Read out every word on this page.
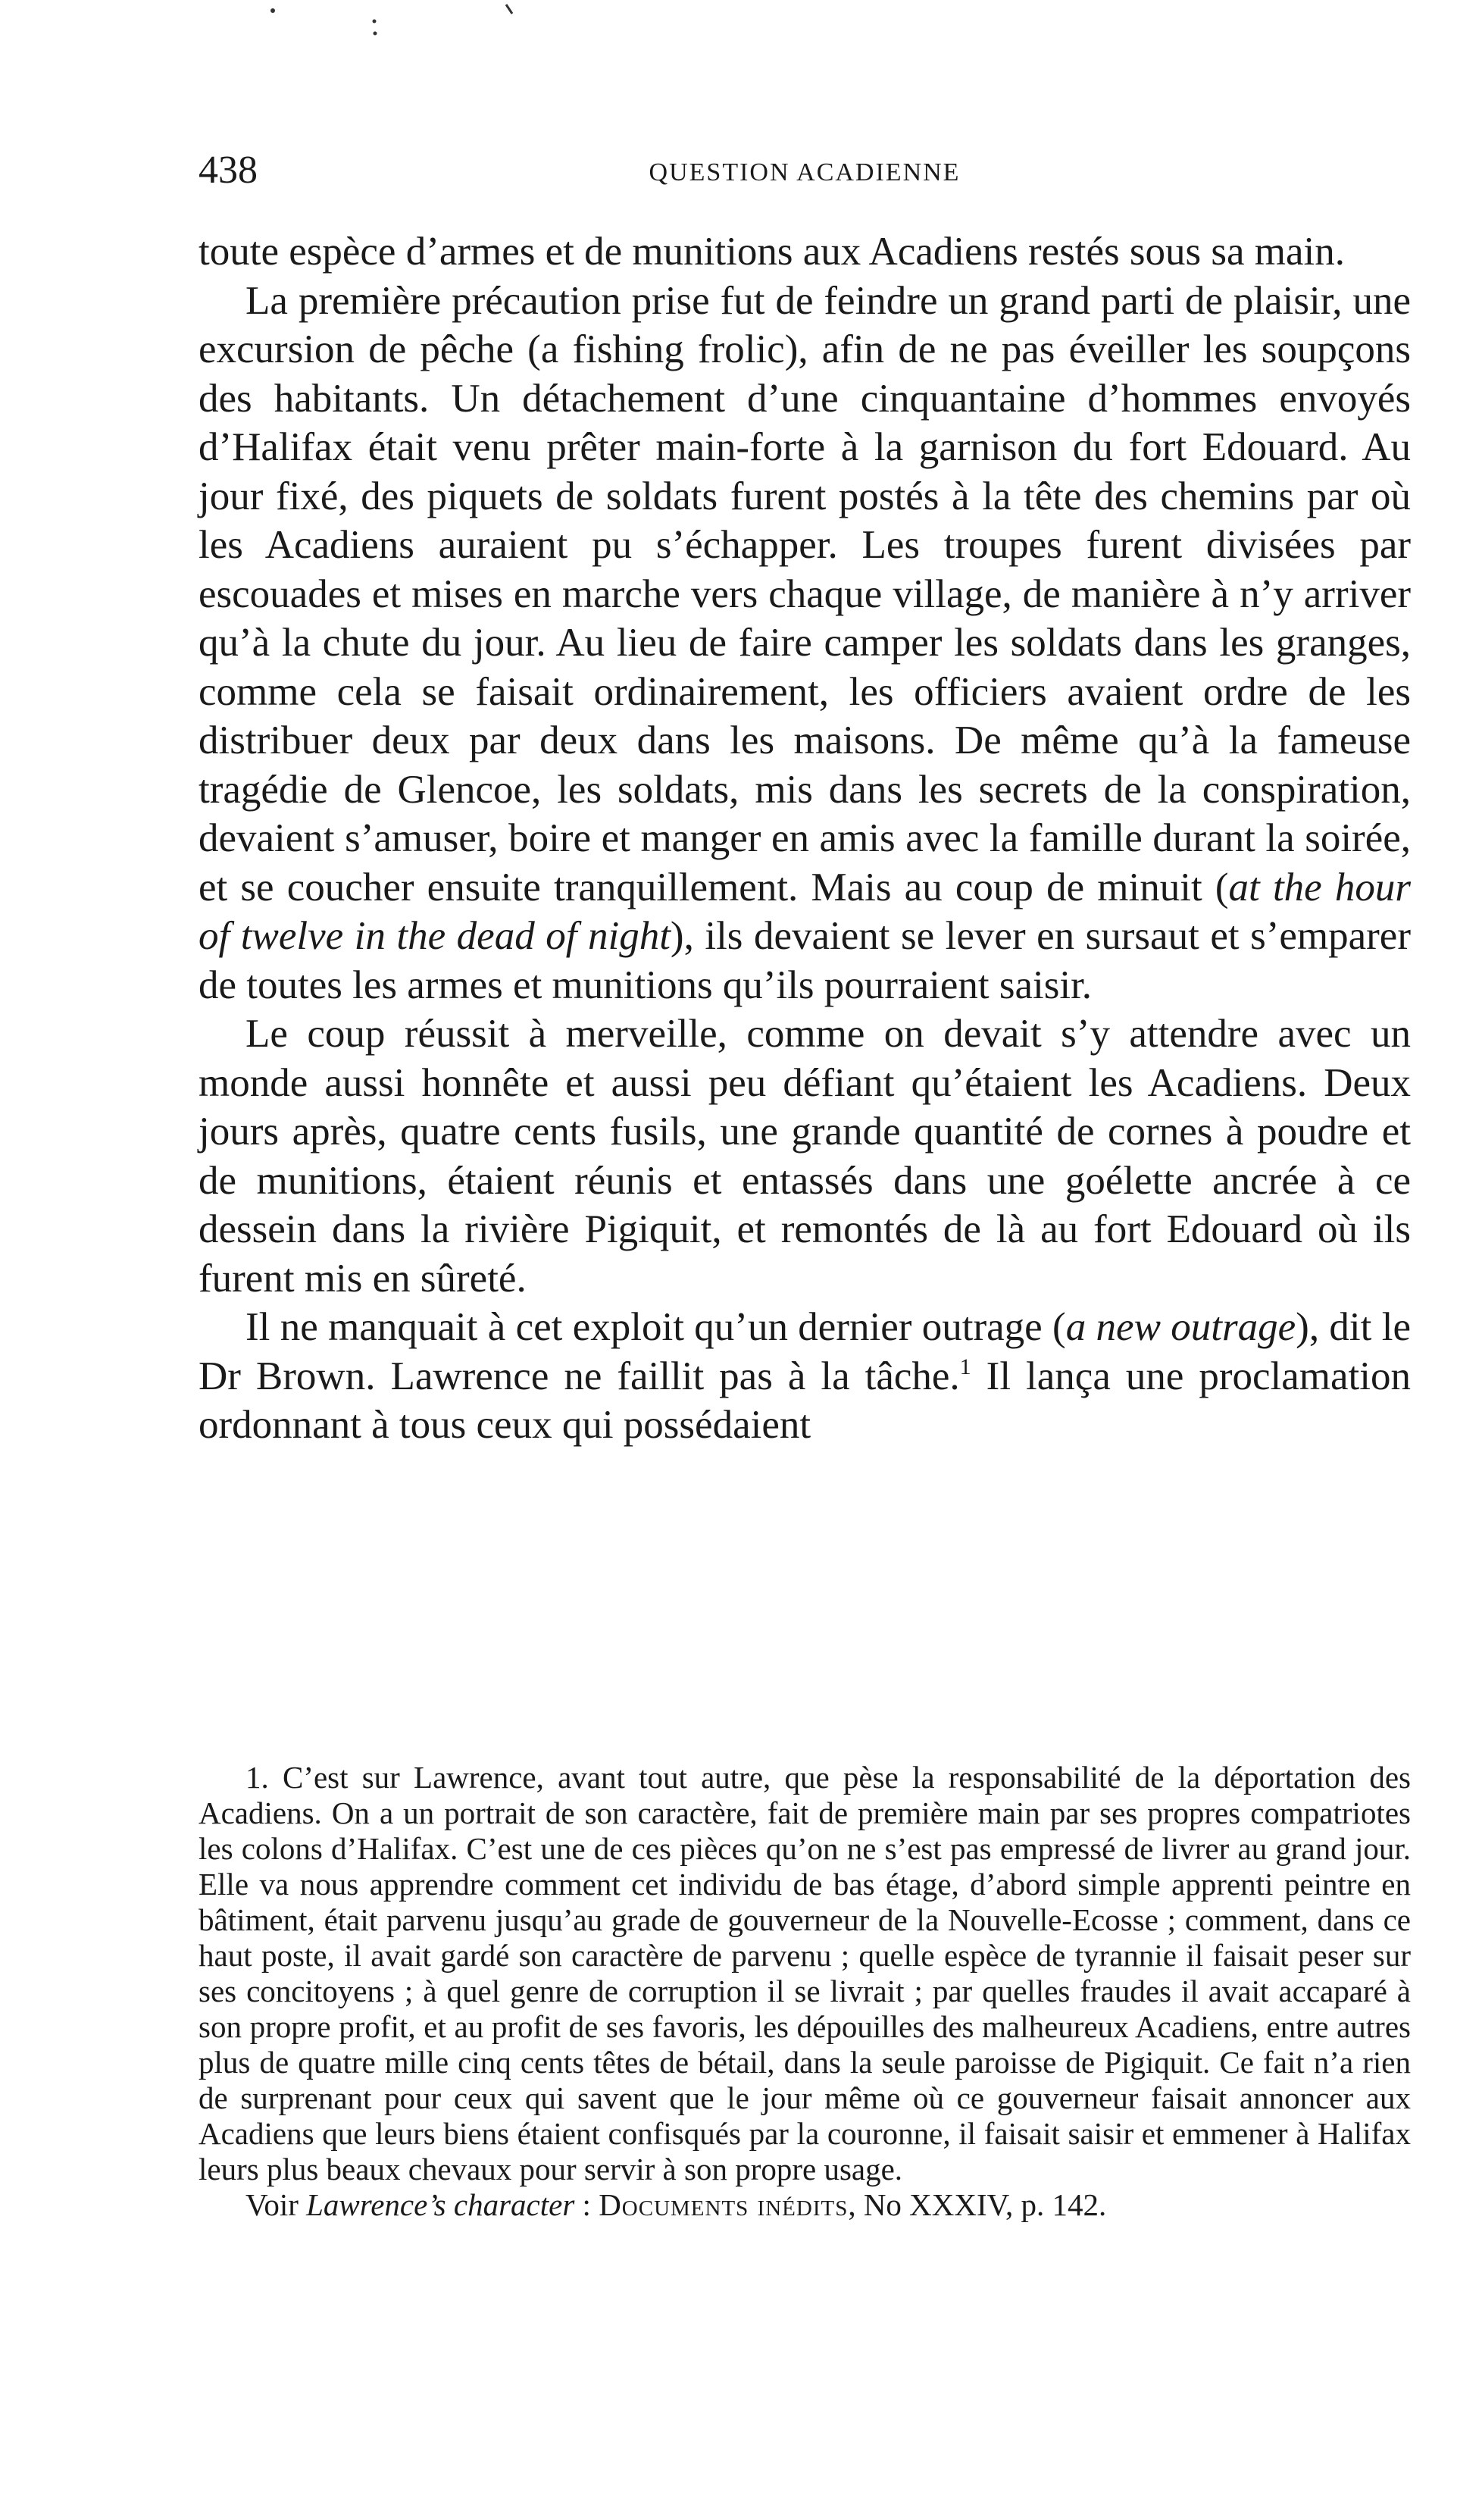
438	QUESTION ACADIENNE

toute espèce d’armes et de munitions aux Acadiens restés sous sa main.

La première précaution prise fut de feindre un grand parti de plaisir, une excursion de pêche (a fishing frolic), afin de ne pas éveiller les soupçons des habitants. Un détachement d’une cinquantaine d’hommes envoyés d’Halifax était venu prêter main-forte à la garnison du fort Edouard. Au jour fixé, des piquets de soldats furent postés à la tête des chemins par où les Acadiens auraient pu s’échapper. Les troupes furent divisées par escouades et mises en marche vers chaque village, de manière à n’y arriver qu’à la chute du jour. Au lieu de faire camper les soldats dans les granges, comme cela se faisait ordinairement, les officiers avaient ordre de les distribuer deux par deux dans les maisons. De même qu’à la fameuse tragédie de Glencoe, les soldats, mis dans les secrets de la conspiration, devaient s’amuser, boire et manger en amis avec la famille durant la soirée, et se coucher ensuite tranquillement. Mais au coup de minuit (at the hour of twelve in the dead of night), ils devaient se lever en sursaut et s’emparer de toutes les armes et munitions qu’ils pourraient saisir.

Le coup réussit à merveille, comme on devait s’y attendre avec un monde aussi honnête et aussi peu défiant qu’étaient les Acadiens. Deux jours après, quatre cents fusils, une grande quantité de cornes à poudre et de munitions, étaient réunis et entassés dans une goélette ancrée à ce dessein dans la rivière Pigiquit, et remontés de là au fort Edouard où ils furent mis en sûreté.

Il ne manquait à cet exploit qu’un dernier outrage (a new outrage), dit le Dr Brown. Lawrence ne faillit pas à la tâche.$^1$ Il lança une proclamation ordonnant à tous ceux qui possédaient

1. C’est sur Lawrence, avant tout autre, que pèse la responsabilité de la déportation des Acadiens. On a un portrait de son caractère, fait de première main par ses propres compatriotes les colons d’Halifax. C’est une de ces pièces qu’on ne s’est pas empressé de livrer au grand jour. Elle va nous apprendre comment cet individu de bas étage, d’abord simple apprenti peintre en bâtiment, était parvenu jusqu’au grade de gouverneur de la Nouvelle-Ecosse ; comment, dans ce haut poste, il avait gardé son caractère de parvenu ; quelle espèce de tyrannie il faisait peser sur ses concitoyens ; à quel genre de corruption il se livrait ; par quelles fraudes il avait accaparé à son propre profit, et au profit de ses favoris, les dépouilles des malheureux Acadiens, entre autres plus de quatre mille cinq cents têtes de bétail, dans la seule paroisse de Pigiquit. Ce fait n’a rien de surprenant pour ceux qui savent que le jour même où ce gouverneur faisait annoncer aux Acadiens que leurs biens étaient confisqués par la couronne, il faisait saisir et emmener à Halifax leurs plus beaux chevaux pour servir à son propre usage.

Voir Lawrence’s character : Documents inédits, No XXXIV, p. 142.
